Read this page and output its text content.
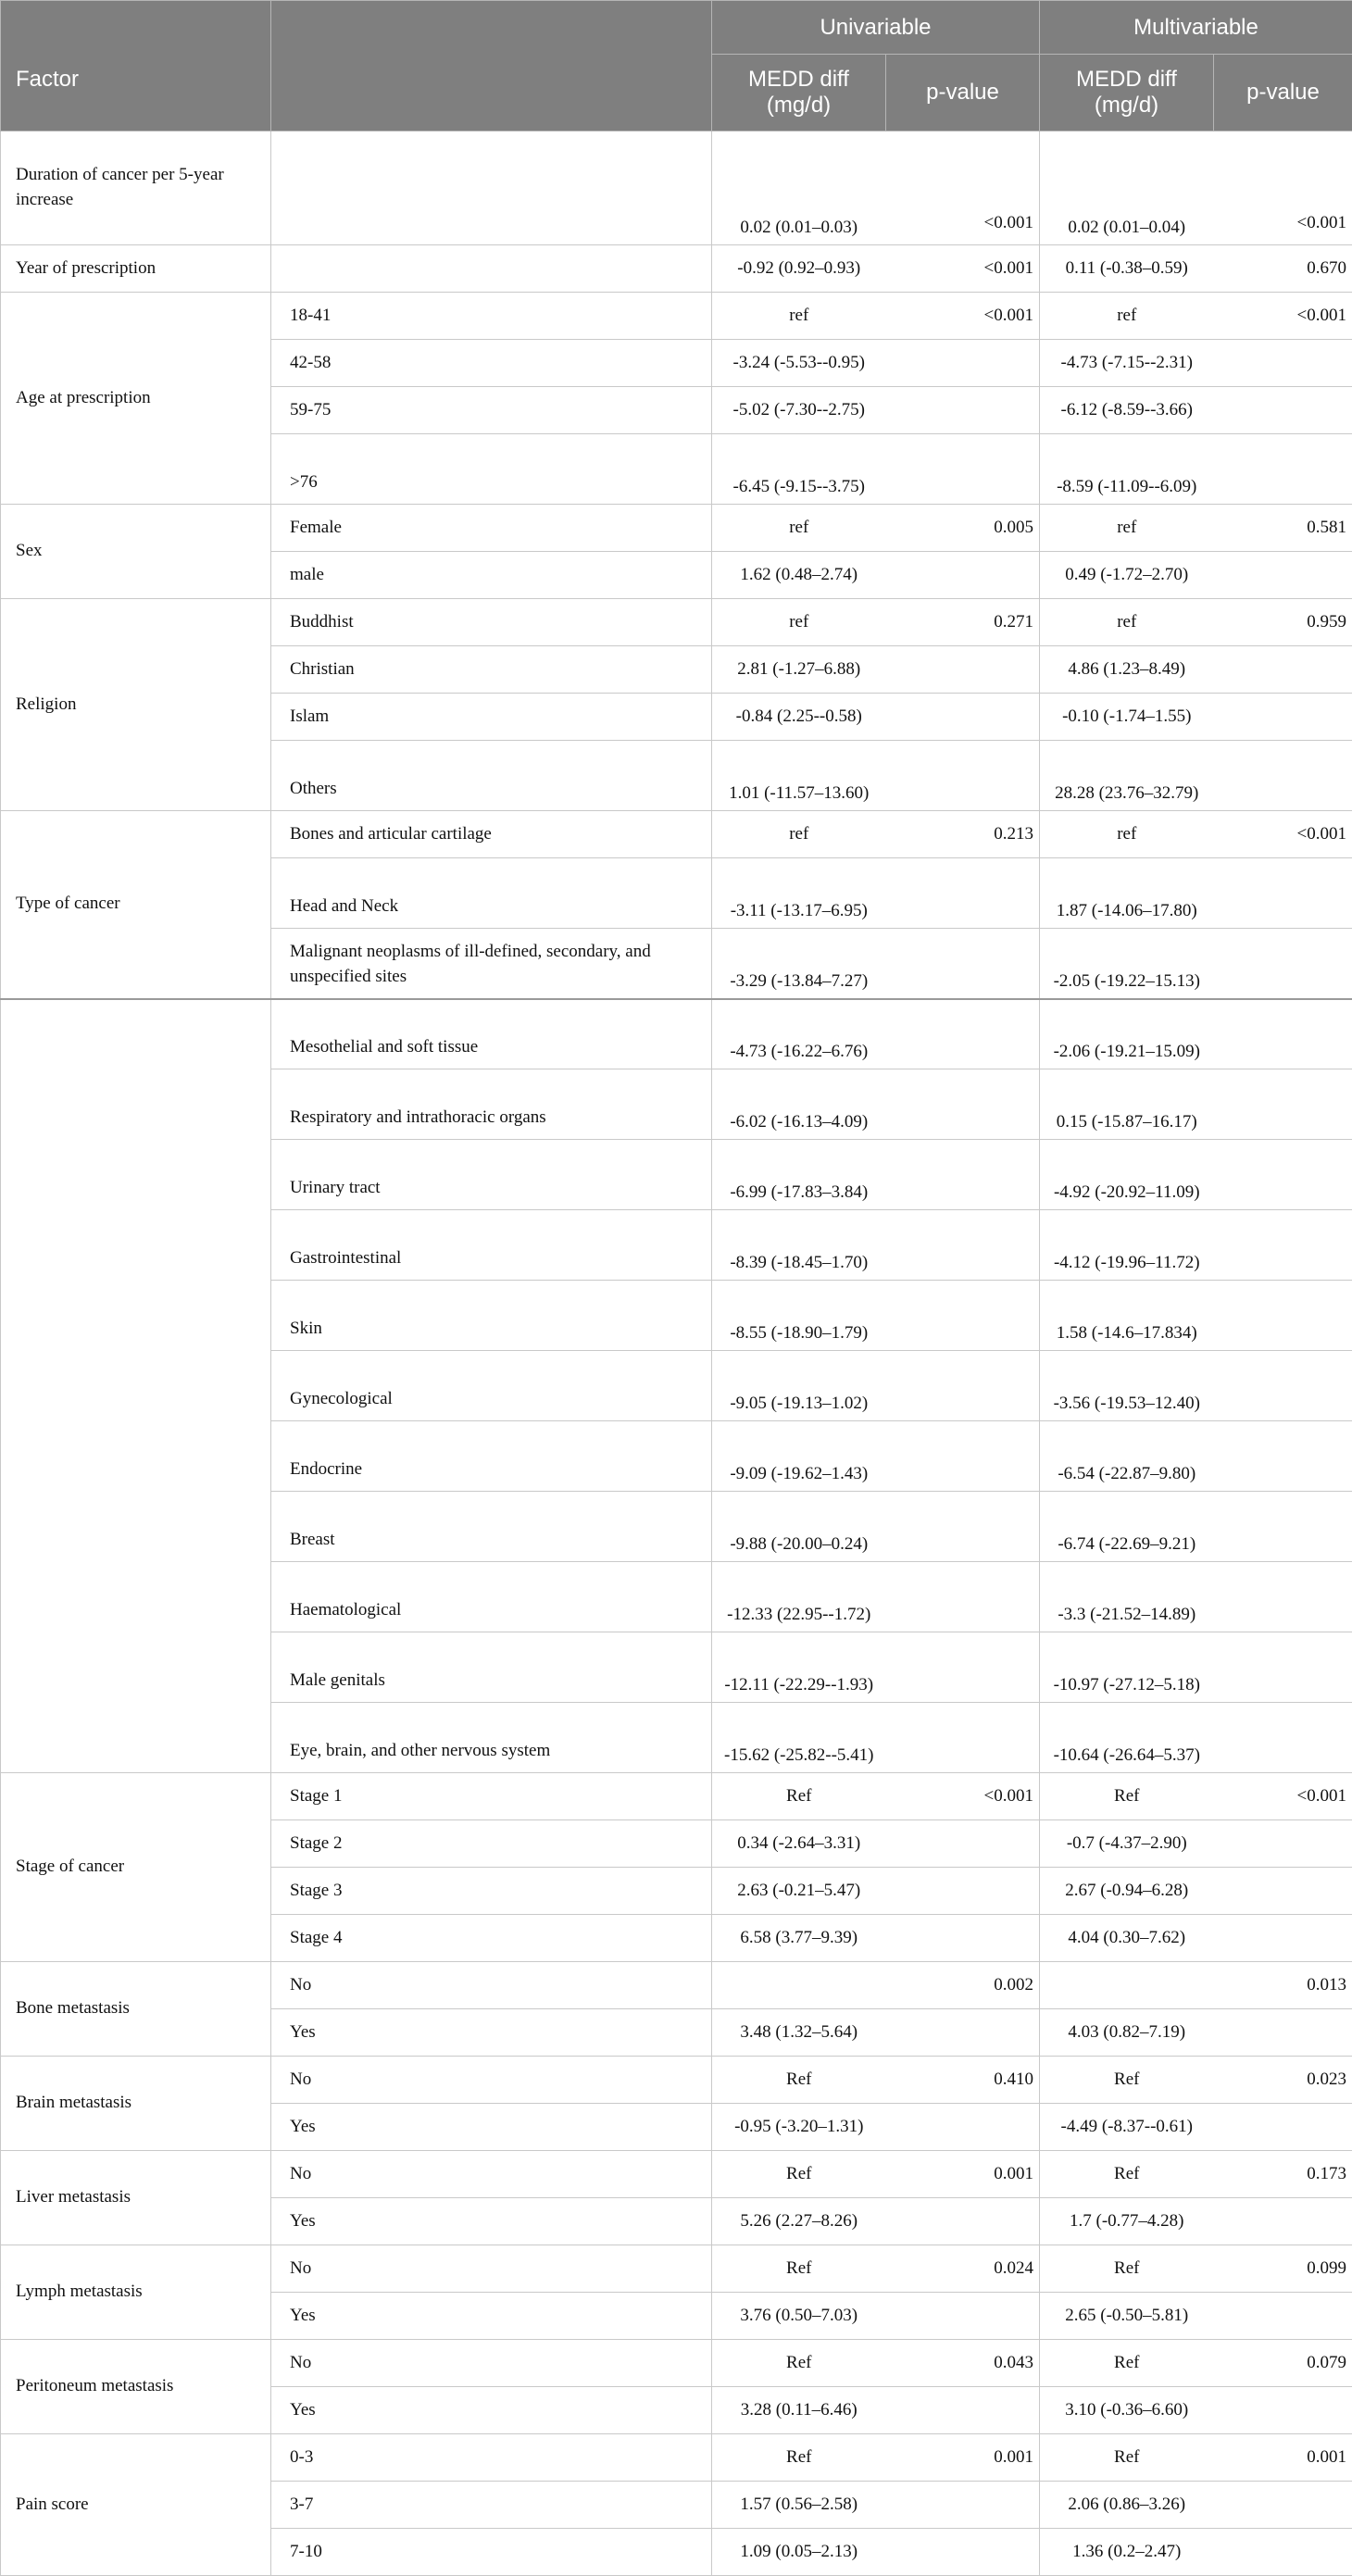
Factor		Univariable		Multivariable	
		MEDD diff (mg/d)	p-value	MEDD diff (mg/d)	p-value
Duration of cancer per 5-year increase		0.02 (0.01–0.03)	<0.001	0.02 (0.01–0.04)	<0.001
Year of prescription		-0.92 (0.92–0.93)	<0.001	0.11 (-0.38–0.59)	0.670
Age at prescription	18-41	ref	<0.001	ref	<0.001
	42-58	-3.24 (-5.53--0.95)		-4.73 (-7.15--2.31)	
	59-75	-5.02 (-7.30--2.75)		-6.12 (-8.59--3.66)	
	>76	-6.45 (-9.15--3.75)		-8.59 (-11.09--6.09)	
Sex	Female	ref	0.005	ref	0.581
	male	1.62 (0.48–2.74)		0.49 (-1.72–2.70)	
Religion	Buddhist	ref	0.271	ref	0.959
	Christian	2.81 (-1.27–6.88)		4.86 (1.23–8.49)	
	Islam	-0.84 (2.25--0.58)		-0.10 (-1.74–1.55)	
	Others	1.01 (-11.57–13.60)		28.28 (23.76–32.79)	
Type of cancer	Bones and articular cartilage	ref	0.213	ref	<0.001
	Head and Neck	-3.11 (-13.17–6.95)		1.87 (-14.06–17.80)	
	Malignant neoplasms of ill-defined, secondary, and unspecified sites	-3.29 (-13.84–7.27)		-2.05 (-19.22–15.13)	
	Mesothelial and soft tissue	-4.73 (-16.22–6.76)		-2.06 (-19.21–15.09)	
	Respiratory and intrathoracic organs	-6.02 (-16.13–4.09)		0.15 (-15.87–16.17)	
	Urinary tract	-6.99 (-17.83–3.84)		-4.92 (-20.92–11.09)	
	Gastrointestinal	-8.39 (-18.45–1.70)		-4.12 (-19.96–11.72)	
	Skin	-8.55 (-18.90–1.79)		1.58 (-14.6–17.834)	
	Gynecological	-9.05 (-19.13–1.02)		-3.56 (-19.53–12.40)	
	Endocrine	-9.09 (-19.62–1.43)		-6.54 (-22.87–9.80)	
	Breast	-9.88 (-20.00–0.24)		-6.74 (-22.69–9.21)	
	Haematological	-12.33 (22.95--1.72)		-3.3 (-21.52–14.89)	
	Male genitals	-12.11 (-22.29--1.93)		-10.97 (-27.12–5.18)	
	Eye, brain, and other nervous system	-15.62 (-25.82--5.41)		-10.64 (-26.64–5.37)	
Stage of cancer	Stage 1	Ref	<0.001	Ref	<0.001
	Stage 2	0.34 (-2.64–3.31)		-0.7 (-4.37–2.90)	
	Stage 3	2.63 (-0.21–5.47)		2.67 (-0.94–6.28)	
	Stage 4	6.58 (3.77–9.39)		4.04 (0.30–7.62)	
Bone metastasis	No		0.002		0.013
	Yes	3.48 (1.32–5.64)		4.03 (0.82–7.19)	
Brain metastasis	No	Ref	0.410	Ref	0.023
	Yes	-0.95 (-3.20–1.31)		-4.49 (-8.37--0.61)	
Liver metastasis	No	Ref	0.001	Ref	0.173
	Yes	5.26 (2.27–8.26)		1.7 (-0.77–4.28)	
Lymph metastasis	No	Ref	0.024	Ref	0.099
	Yes	3.76 (0.50–7.03)		2.65 (-0.50–5.81)	
Peritoneum metastasis	No	Ref	0.043	Ref	0.079
	Yes	3.28 (0.11–6.46)		3.10 (-0.36–6.60)	
Pain score	0-3	Ref	0.001	Ref	0.001
	3-7	1.57 (0.56–2.58)		2.06 (0.86–3.26)	
	7-10	1.09 (0.05–2.13)		1.36 (0.2–2.47)	
